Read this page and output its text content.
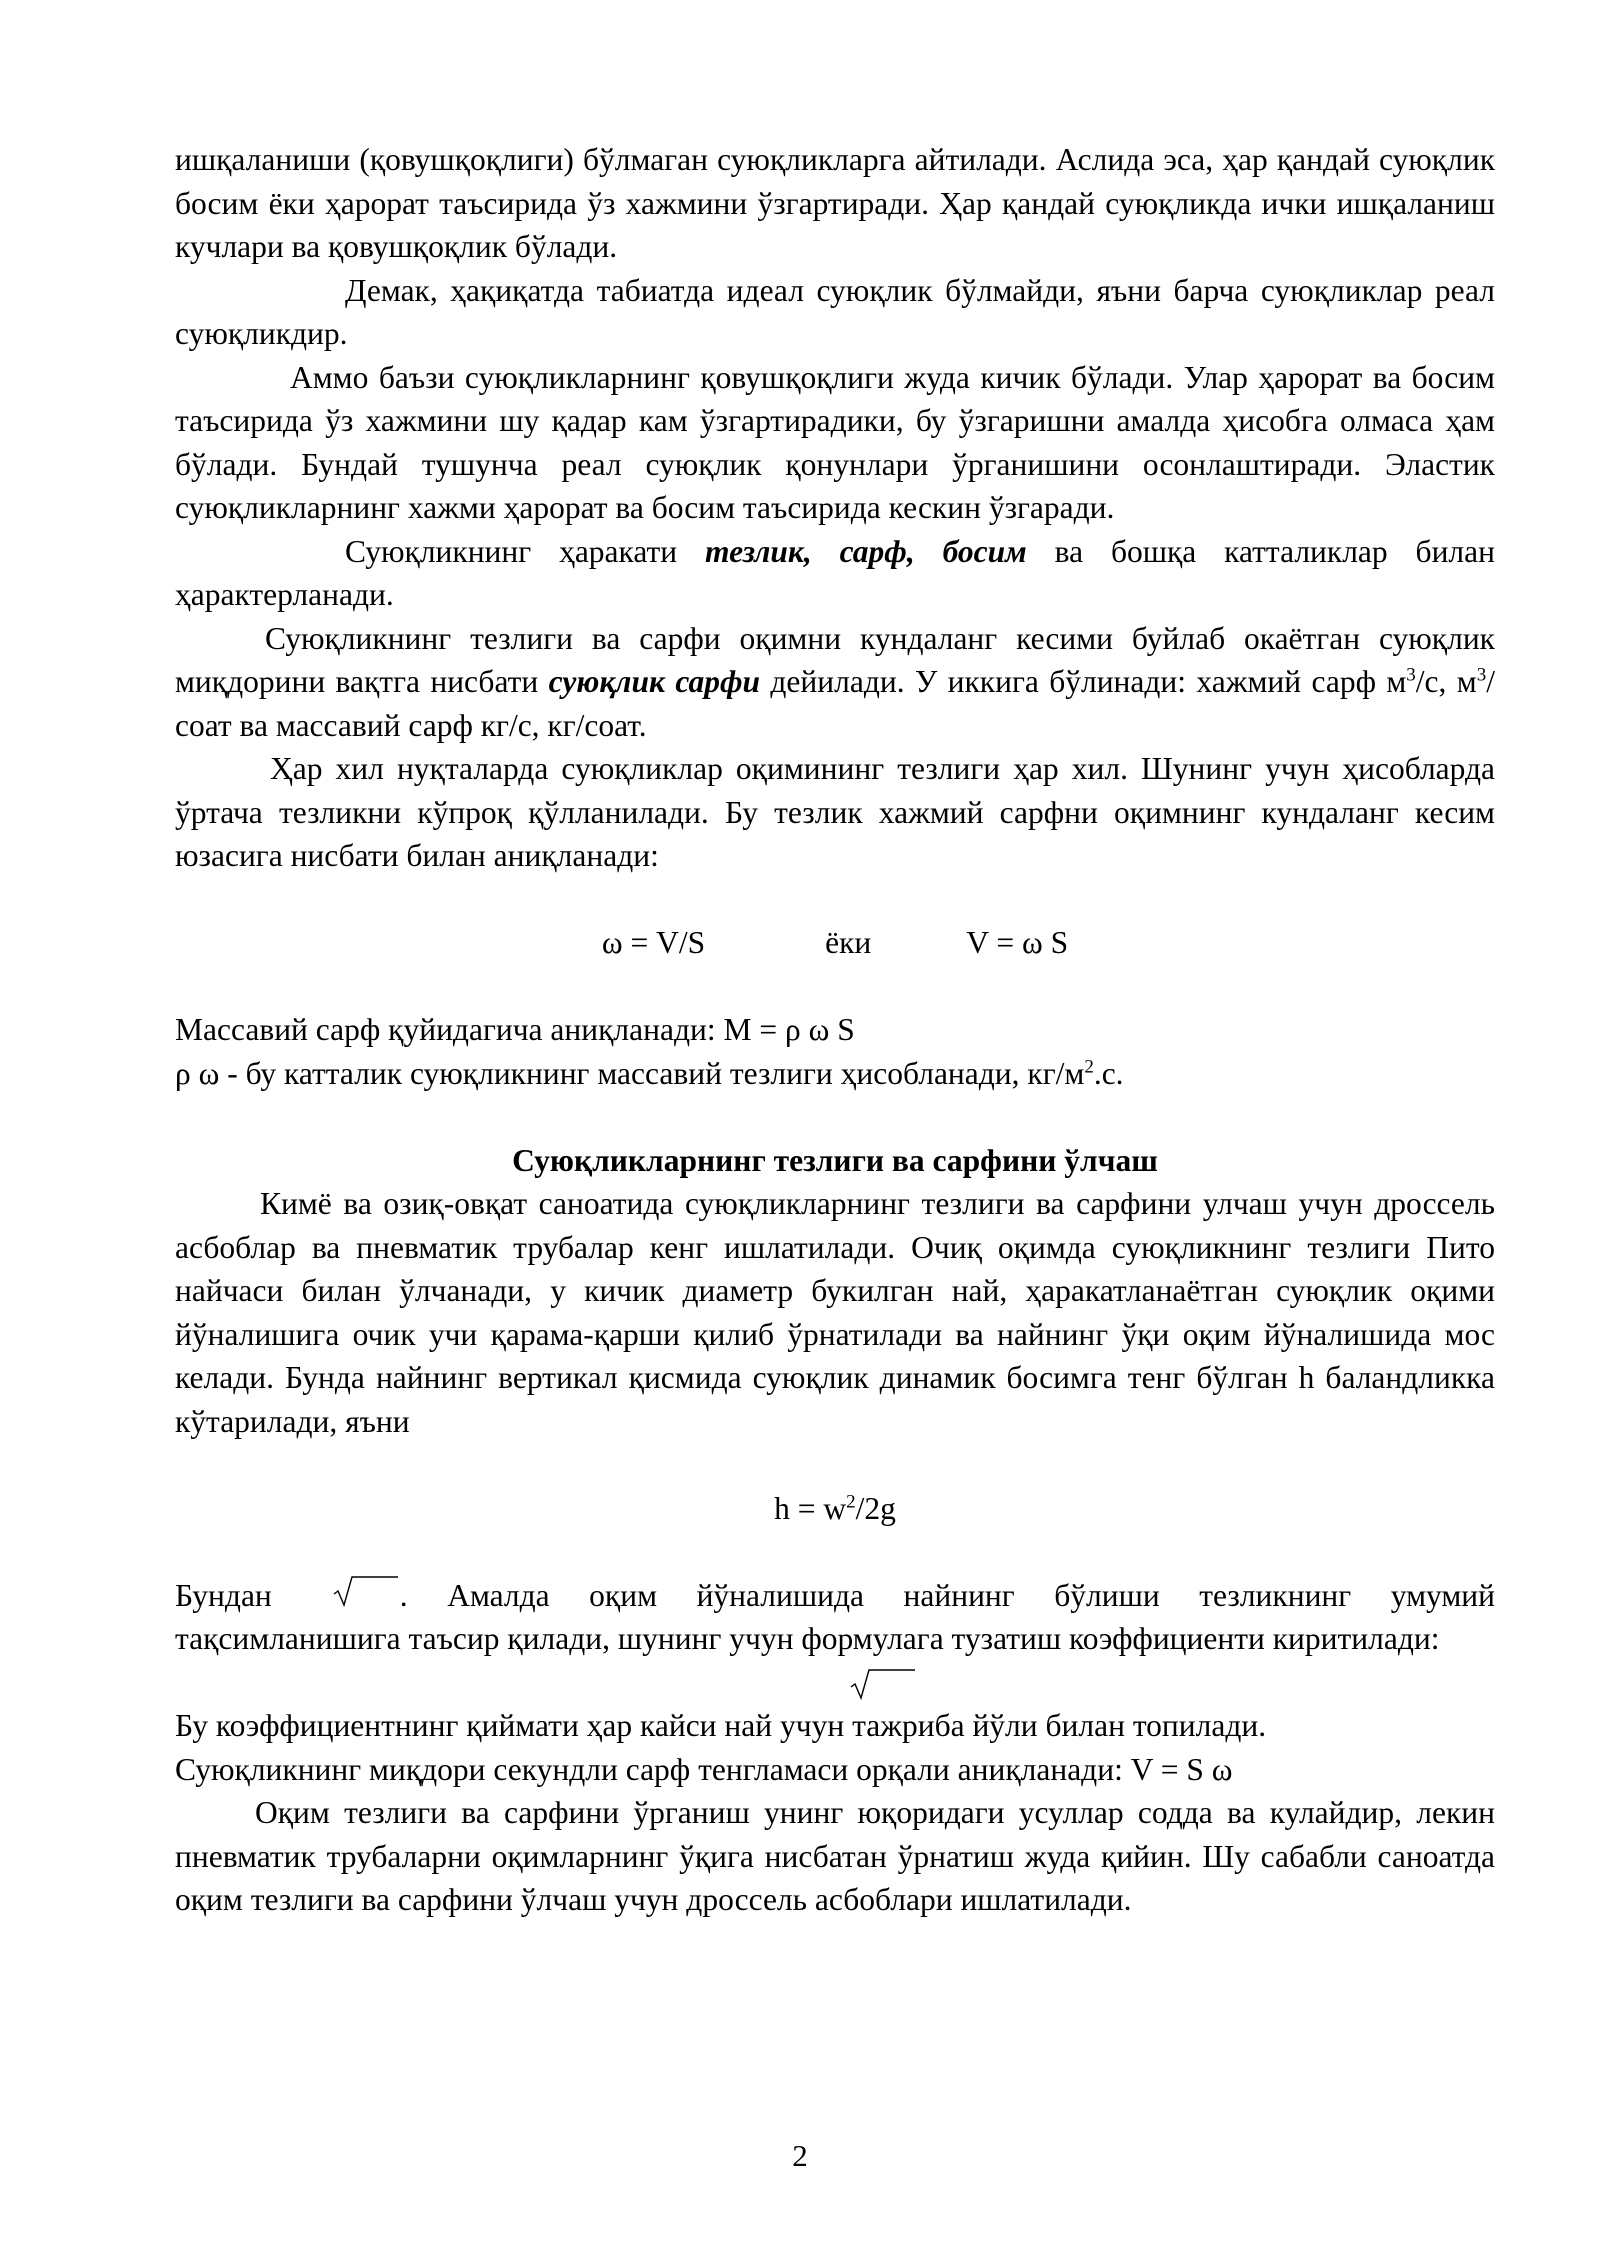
ишқаланиши (қовушқоқлиги) бўлмаган суюқликларга айтилади. Аслида эса, ҳар қандай суюқлик босим ёки ҳарорат таъсирида ўз хажмини ўзгартиради. Ҳар қандай суюқликда ички ишқаланиш кучлари ва қовушқоқлик бўлади.

Демак, ҳақиқатда табиатда идеал суюқлик бўлмайди, яъни барча суюқликлар реал суюқликдир.

Аммо баъзи суюқликларнинг қовушқоқлиги жуда кичик бўлади. Улар ҳарорат ва босим таъсирида ўз хажмини шу қадар кам ўзгартирадики, бу ўзгаришни амалда ҳисобга олмаса ҳам бўлади. Бундай тушунча реал суюқлик қонунлари ўрганишини осонлаштиради. Эластик суюқликларнинг хажми ҳарорат ва босим таъсирида кескин ўзгаради.

Суюқликнинг ҳаракати тезлик, сарф, босим ва бошқа катталиклар билан ҳарактерланади.

Суюқликнинг тезлиги ва сарфи оқимни кундаланг кесими буйлаб окаётган суюқлик миқдорини вақтга нисбати суюқлик сарфи дейилади. У иккига бўлинади: хажмий сарф $м^3/с$, $м^3$/соат ва массавий сарф кг/с, кг/соат.

Ҳар хил нуқталарда суюқликлар оқимининг тезлиги ҳар хил. Шунинг учун ҳисобларда ўртача тезликни кўпроқ қўлланилади. Бу тезлик хажмий сарфни оқимнинг кундаланг кесим юзасига нисбати билан аниқланади:

ω = V/S	ёки	V = ω S

Массавий сарф қуйидагича аниқланади: М = ρ ω S

ρ ω - бу катталик суюқликнинг массавий тезлиги ҳисобланади, $кг/м^2.с$.

Суюқликларнинг тезлиги ва сарфини ўлчаш

Кимё ва озиқ-овқат саноатида суюқликларнинг тезлиги ва сарфини улчаш учун дроссель асбоблар ва пневматик трубалар кенг ишлатилади. Очиқ оқимда суюқликнинг тезлиги Пито найчаси билан ўлчанади, у кичик диаметр букилган най, ҳаракатланаётган суюқлик оқими йўналишига очик учи қарама-қарши қилиб ўрнатилади ва найнинг ўқи оқим йўналишида мос келади. Бунда найнинг вертикал қисмида суюқлик динамик босимга тенг бўлган h баландликка кўтарилади, яъни

$h = w^2/2g$

Бундан	. Амалда оқим йўналишида найнинг бўлиши тезликнинг умумий тақсимланишига таъсир қилади, шунинг учун формулага тузатиш коэффициенти киритилади:

Бу коэффициентнинг қиймати ҳар кайси най учун тажриба йўли билан топилади.

Суюқликнинг миқдори секундли сарф тенгламаси орқали аниқланади: V = S ω

Оқим тезлиги ва сарфини ўрганиш унинг юқоридаги усуллар содда ва кулайдир, лекин пневматик трубаларни оқимларнинг ўқига нисбатан ўрнатиш жуда қийин. Шу сабабли саноатда оқим тезлиги ва сарфини ўлчаш учун дроссель асбоблари ишлатилади.

2
